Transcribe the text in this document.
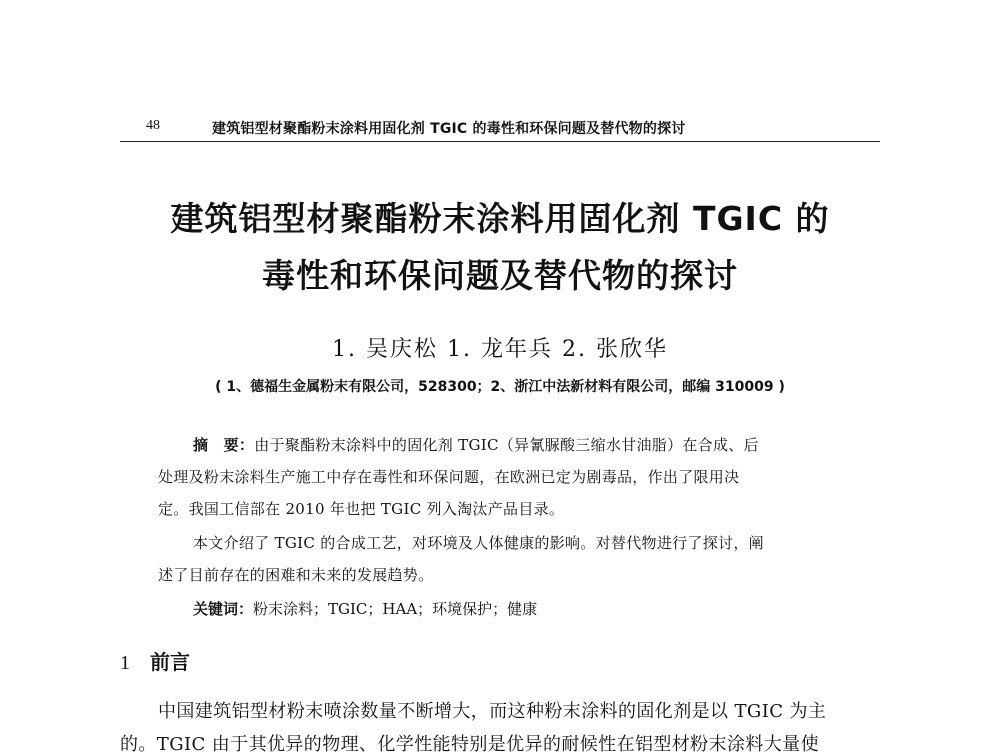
48	建筑铝型材聚酯粉末涂料用固化剂 TGIC 的毒性和环保问题及替代物的探讨
建筑铝型材聚酯粉末涂料用固化剂 TGIC 的
毒性和环保问题及替代物的探讨
1. 吴庆松 1. 龙年兵 2. 张欣华
( 1、德福生金属粉末有限公司，528300；2、浙江中法新材料有限公司，邮编 310009 )
摘　要：由于聚酯粉末涂料中的固化剂 TGIC（异氰脲酸三缩水甘油脂）在合成、后
处理及粉末涂料生产施工中存在毒性和环保问题，在欧洲已定为剧毒品，作出了限用决
定。我国工信部在 2010 年也把 TGIC 列入淘汰产品目录。
本文介绍了 TGIC 的合成工艺，对环境及人体健康的影响。对替代物进行了探讨，阐
述了目前存在的困难和未来的发展趋势。
关键词：粉末涂料；TGIC；HAA；环境保护；健康
1 前言
中国建筑铝型材粉末喷涂数量不断增大，而这种粉末涂料的固化剂是以 TGIC 为主
的。TGIC 由于其优异的物理、化学性能特别是优异的耐候性在铝型材粉末涂料大量使
